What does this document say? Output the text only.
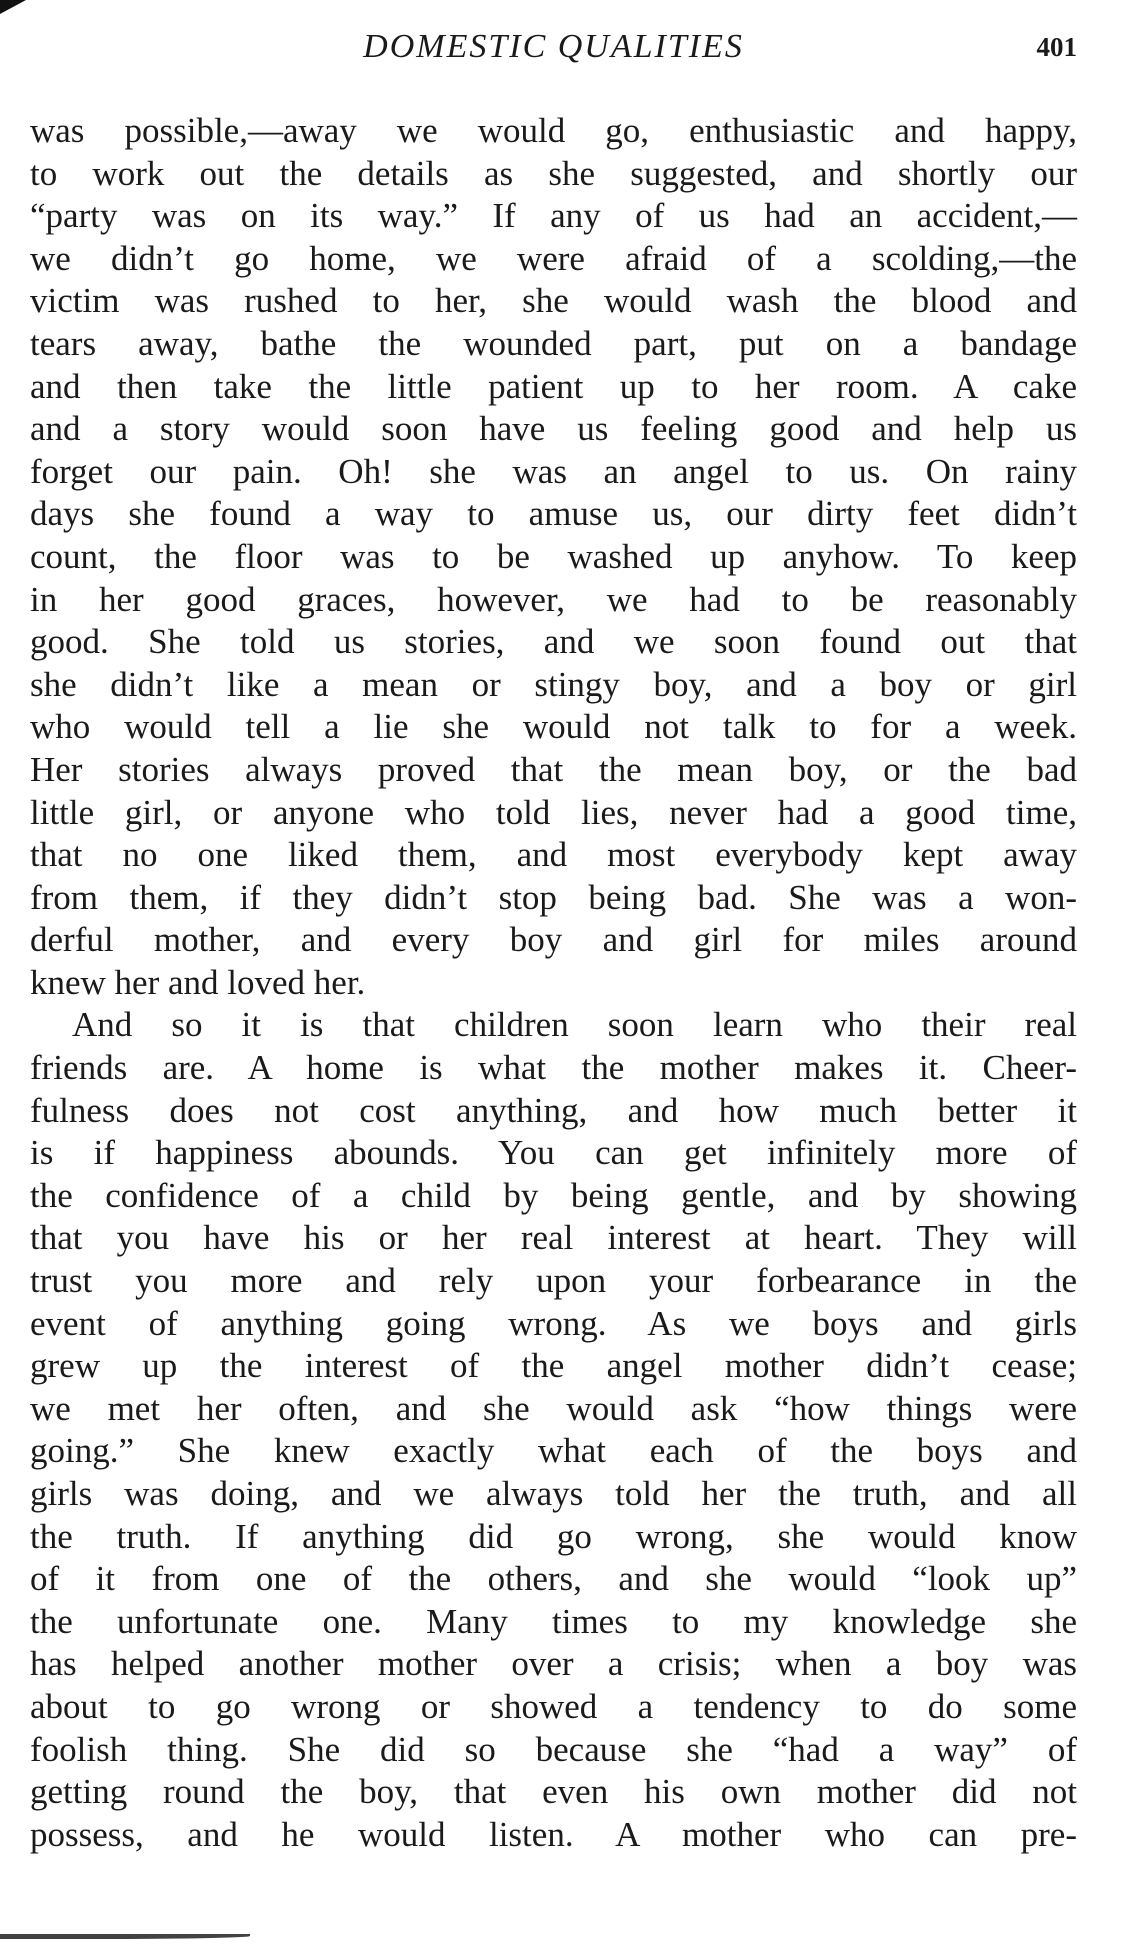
DOMESTIC QUALITIES	401
was possible,—away we would go, enthusiastic and happy,
to work out the details as she suggested, and shortly our
“party was on its way.” If any of us had an accident,—
we didn’t go home, we were afraid of a scolding,—the
victim was rushed to her, she would wash the blood and
tears away, bathe the wounded part, put on a bandage
and then take the little patient up to her room. A cake
and a story would soon have us feeling good and help us
forget our pain. Oh! she was an angel to us. On rainy
days she found a way to amuse us, our dirty feet didn’t
count, the floor was to be washed up anyhow. To keep
in her good graces, however, we had to be reasonably
good. She told us stories, and we soon found out that
she didn’t like a mean or stingy boy, and a boy or girl
who would tell a lie she would not talk to for a week.
Her stories always proved that the mean boy, or the bad
little girl, or anyone who told lies, never had a good time,
that no one liked them, and most everybody kept away
from them, if they didn’t stop being bad. She was a won-
derful mother, and every boy and girl for miles around
knew her and loved her.
And so it is that children soon learn who their real
friends are. A home is what the mother makes it. Cheer-
fulness does not cost anything, and how much better it
is if happiness abounds. You can get infinitely more of
the confidence of a child by being gentle, and by showing
that you have his or her real interest at heart. They will
trust you more and rely upon your forbearance in the
event of anything going wrong. As we boys and girls
grew up the interest of the angel mother didn’t cease;
we met her often, and she would ask “how things were
going.” She knew exactly what each of the boys and
girls was doing, and we always told her the truth, and all
the truth. If anything did go wrong, she would know
of it from one of the others, and she would “look up”
the unfortunate one. Many times to my knowledge she
has helped another mother over a crisis; when a boy was
about to go wrong or showed a tendency to do some
foolish thing. She did so because she “had a way” of
getting round the boy, that even his own mother did not
possess, and he would listen. A mother who can pre-
